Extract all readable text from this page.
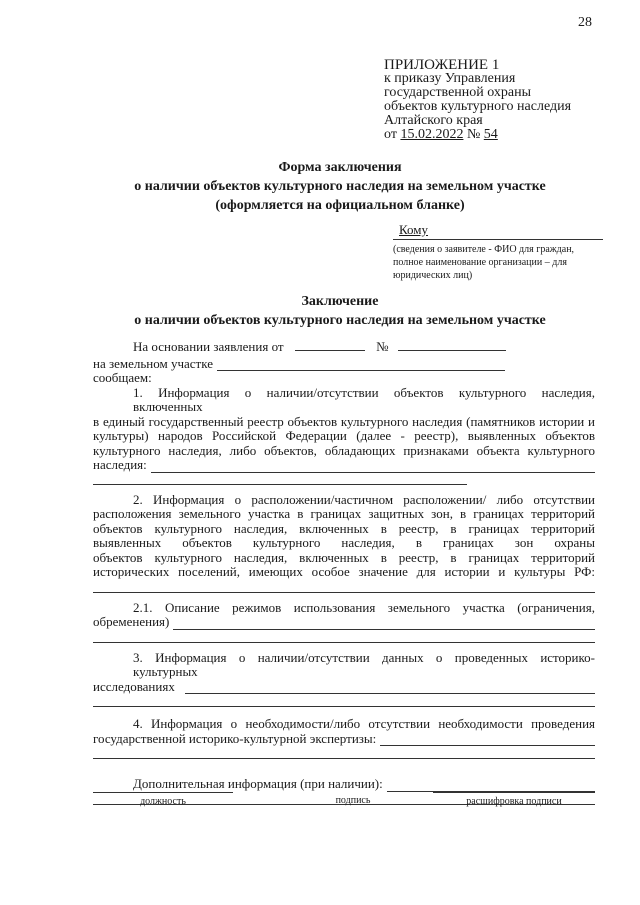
28
ПРИЛОЖЕНИЕ 1
к приказу Управления
государственной охраны
объектов культурного наследия
Алтайского края
от 15.02.2022 № 54
Форма заключения
о наличии объектов культурного наследия на земельном участке
(оформляется на официальном бланке)
Кому
(сведения о заявителе - ФИО для граждан,
полное наименование организации – для
юридических лиц)
Заключение
о наличии объектов культурного наследия на земельном участке
На основании заявления от	№
на земельном участке
сообщаем:
1. Информация о наличии/отсутствии объектов культурного наследия, включенных
в единый государственный реестр объектов культурного наследия (памятников истории и
культуры) народов Российской Федерации (далее - реестр), выявленных объектов
культурного наследия, либо объектов, обладающих признаками объекта культурного
наследия:
2. Информация о расположении/частичном расположении/ либо отсутствии
расположения земельного участка в границах защитных зон, в границах территорий
объектов культурного наследия, включенных в реестр, в границах территорий
выявленных объектов культурного наследия, в границах зон охраны
объектов культурного наследия, включенных в реестр, в границах территорий
исторических поселений, имеющих особое значение для истории и культуры РФ:
2.1. Описание режимов использования земельного участка (ограничения,
обременения)
3. Информация о наличии/отсутствии данных о проведенных историко-культурных
исследованиях
4. Информация о необходимости/либо отсутствии необходимости проведения
государственной историко-культурной экспертизы:
Дополнительная информация (при наличии):
должность	подпись	расшифровка подписи
